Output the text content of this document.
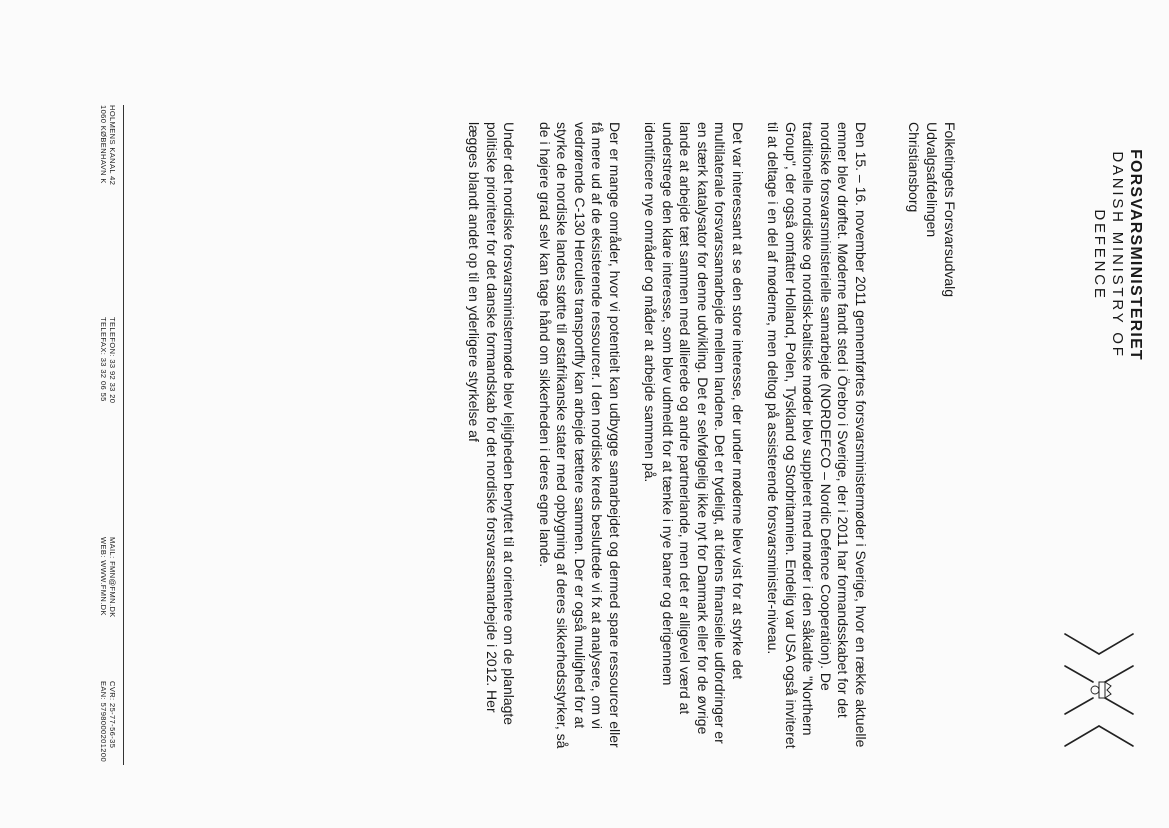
FORSVARSMINISTERIET
DANISH MINISTRY OF DEFENCE
Folketingets Forsvarsudvalg
Udvalgsafdelingen
Christiansborg

Den 15. – 16. november 2011 gennemførtes forsvarsministermøder i Sverige, hvor en række aktuelle emner blev drøftet. Møderne fandt sted i Örebro i Sverige, der i 2011 har formandsskabet for det nordiske forsvarsministerielle samarbejde (NORDEFCO – Nordic Defence Cooperation). De traditionelle nordiske og nordisk-baltiske møder blev suppleret med møder i den såkaldte "Northern Group", der også omfatter Holland, Polen, Tyskland og Storbritannien. Endelig var USA også inviteret til at deltage i en del af møderne, men deltog på assisterende forsvarsminister-niveau.

Det var interessant at se den store interesse, der under møderne blev vist for at styrke det multilaterale forsvarssamarbejde mellem landene. Det er tydeligt, at tidens finansielle udfordringer er en stærk katalysator for denne udvikling. Det er selvfølgelig ikke nyt for Danmark eller for de øvrige lande at arbejde tæt sammen med allierede og andre partnerlande, men det er alligevel værd at understrege den klare interesse, som blev udmeldt for at tænke i nye baner og derigennem identificere nye områder og måder at arbejde sammen på.

Der er mange områder, hvor vi potentielt kan udbygge samarbejdet og dermed spare ressourcer eller få mere ud af de eksisterende ressourcer. I den nordiske kreds besluttede vi fx at analysere, om vi vedrørende C-130 Hercules transportfly kan arbejde tættere sammen. Der er også mulighed for at styrke de nordiske landes støtte til østafrikanske stater med opbygning af deres sikkerhedsstyrker, så de i højere grad selv kan tage hånd om sikkerheden i deres egne lande.

Under det nordiske forsvarsministermøde blev lejligheden benyttet til at orientere om de planlagte politiske prioriteter for det danske formandskab for det nordiske forsvarssamarbejde i 2012. Her lægges blandt andet op til en yderligere styrkelse af

HOLMENS KANAL 42
1060 KØBENHAVN K
TELEFON: 33 92 33 20
TELEFAX: 33 32 06 55
MAIL: FMN@FMN.DK
WEB: WWW.FMN.DK
CVR: 25-77-56-35
EAN: 5798000201200
